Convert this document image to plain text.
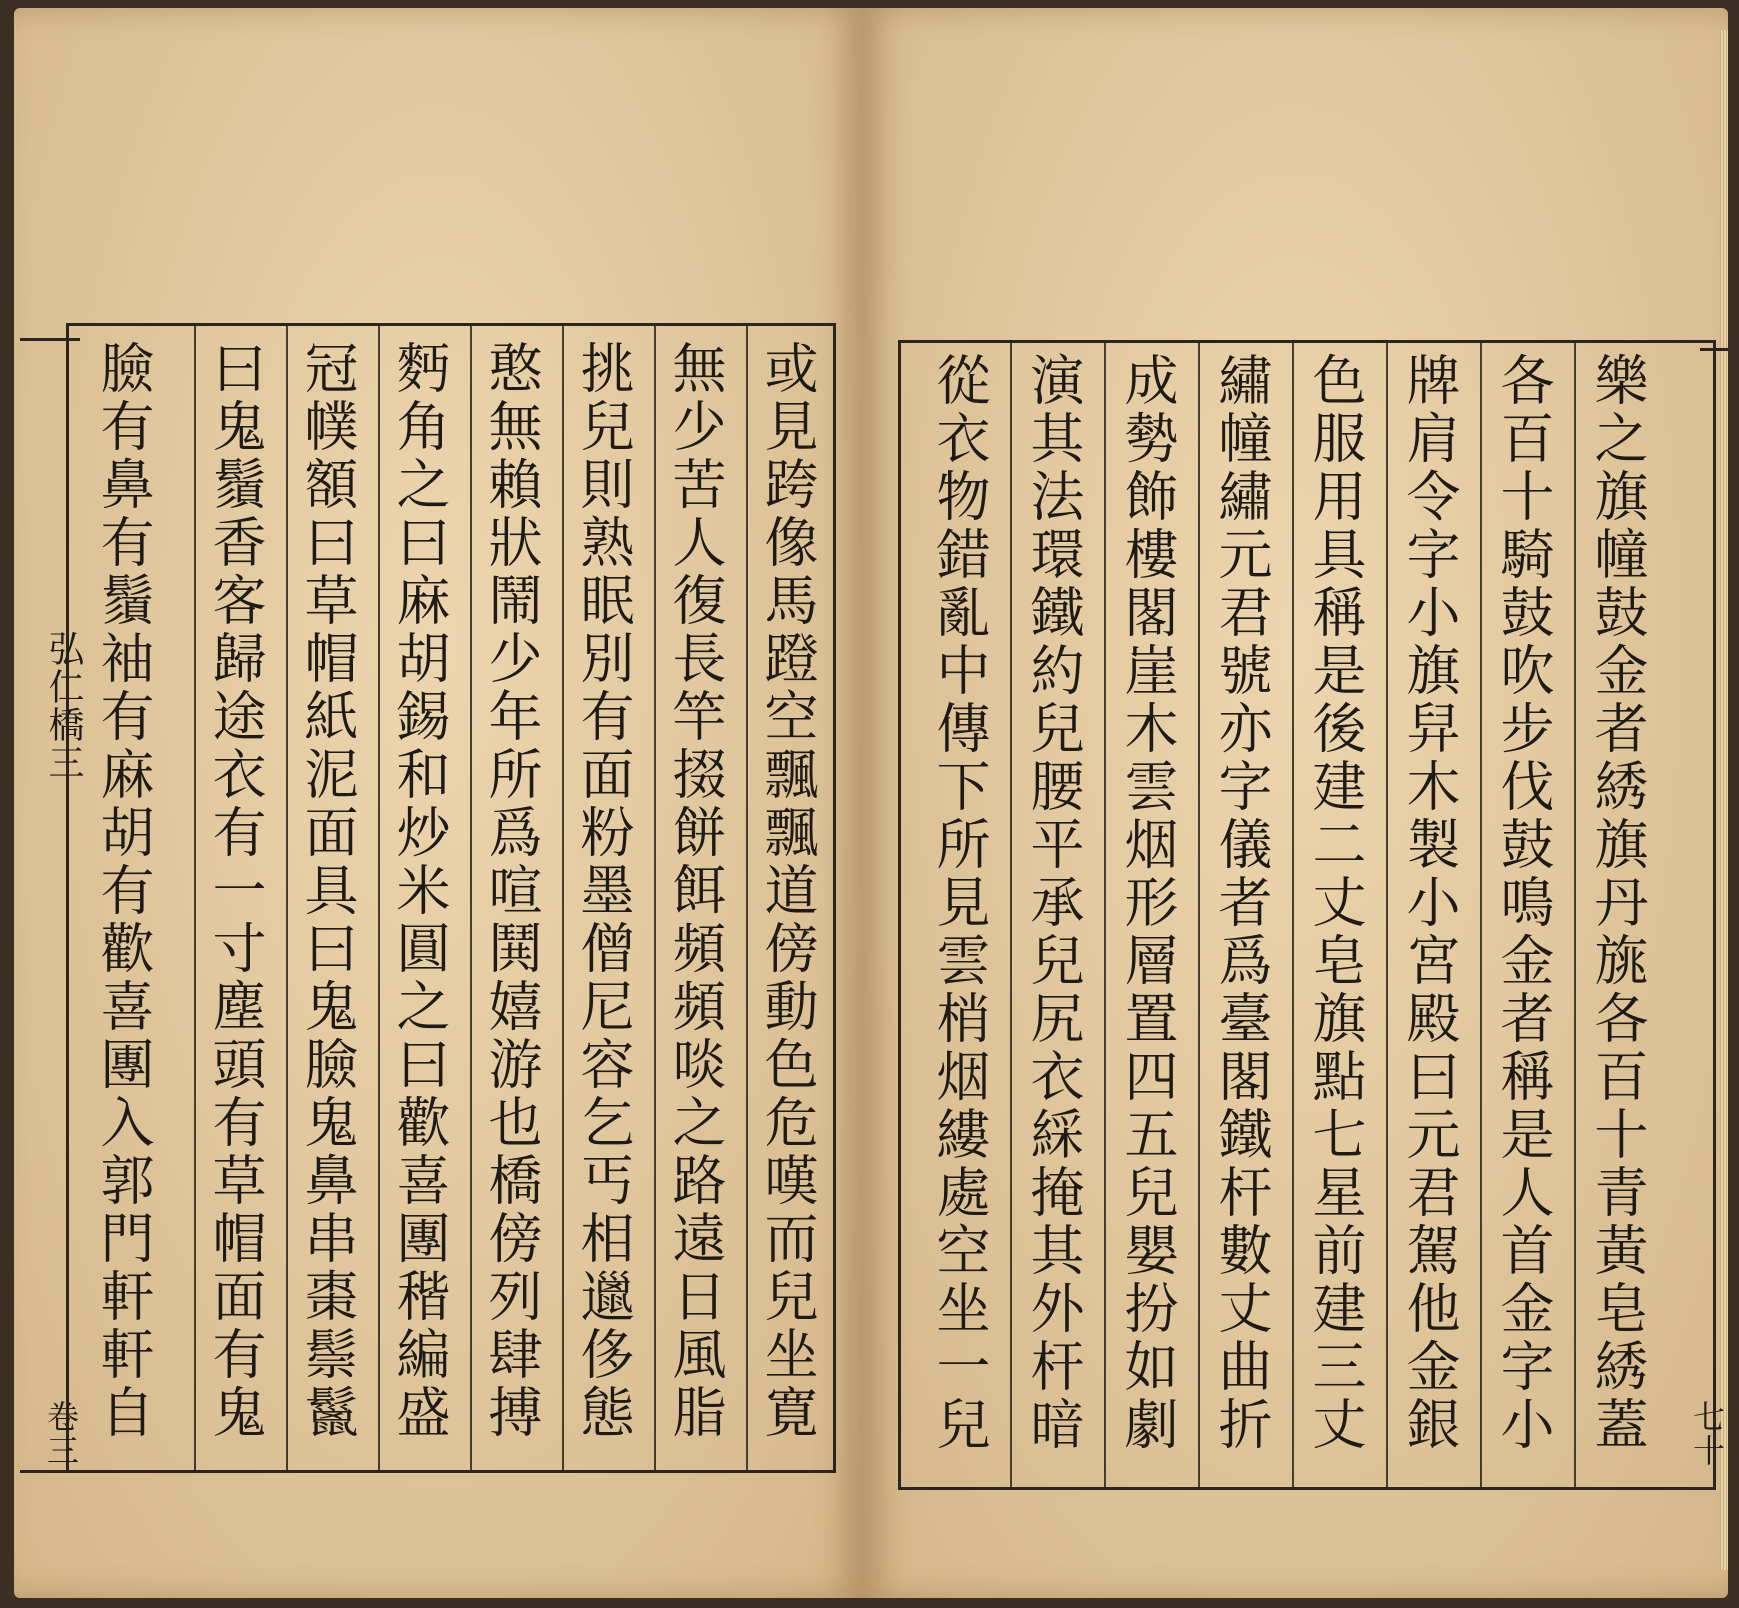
弘仁橋三
卷三	七十
或見跨像馬蹬空飄飄道傍動色危嘆而兒坐寛
無少苦人復長竿掇餅餌頻頻啖之路遠日風脂
挑兒則熟眠別有面粉墨僧尼容乞丐相邋侈態
憨無賴狀鬧少年所爲喧鬨嬉游也橋傍列肆搏
麪角之曰麻胡錫和炒米圓之曰歡喜團稭編盛
冠幞額曰草帽紙泥面具曰鬼臉鬼鼻串棗鬃鬣
曰鬼鬚香客歸途衣有一寸塵頭有草帽面有鬼
臉有鼻有鬚袖有麻胡有歡喜團入郭門軒軒自	樂之旗幢鼓金者綉旗丹旐各百十青黃皂綉蓋
各百十騎鼓吹步伐鼓鳴金者稱是人首金字小
牌肩令字小旗舁木製小宮殿曰元君駕他金銀
色服用具稱是後建二丈皂旗點七星前建三丈
繡幢繡元君號亦字儀者爲臺閣鐵杆數丈曲折
成勢飾樓閣崖木雲烟形層置四五兒嬰扮如劇
演其法環鐵約兒腰平承兒尻衣綵掩其外杆暗
從衣物錯亂中傳下所見雲梢烟縷處空坐一兒
